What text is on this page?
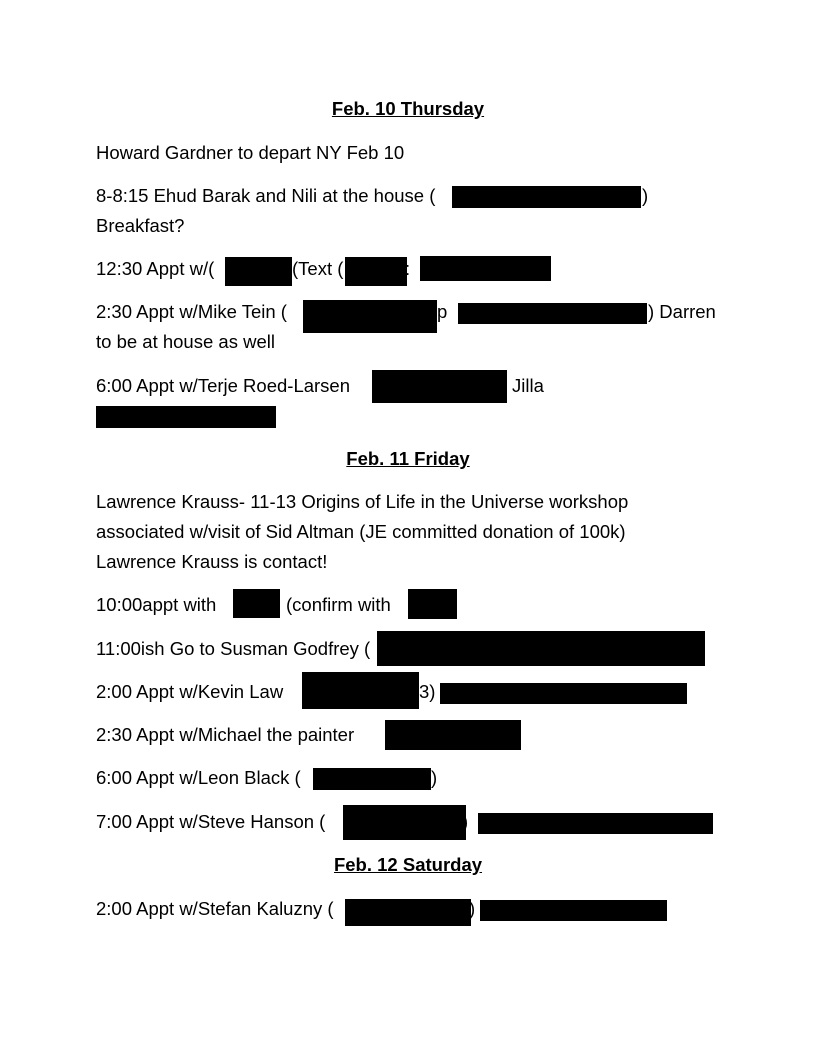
Feb. 10 Thursday
Howard Gardner to depart NY Feb 10
8-8:15 Ehud Barak and Nili at the house (	)
Breakfast?
12:30 Appt w/(	(Text (	:
2:30 Appt w/Mike Tein (	p	) Darren
to be at house as well
6:00 Appt w/Terje Roed-Larsen	Jilla
Feb. 11 Friday
Lawrence Krauss- 11-13 Origins of Life in the Universe workshop
associated w/visit of Sid Altman (JE committed donation of 100k)
Lawrence Krauss is contact!
10:00appt with	(confirm with
11:00ish Go to Susman Godfrey (
2:00 Appt w/Kevin Law	3)
2:30 Appt w/Michael the painter
6:00 Appt w/Leon Black (	)
7:00 Appt w/Steve Hanson (	)
Feb. 12 Saturday
2:00 Appt w/Stefan Kaluzny (	)
